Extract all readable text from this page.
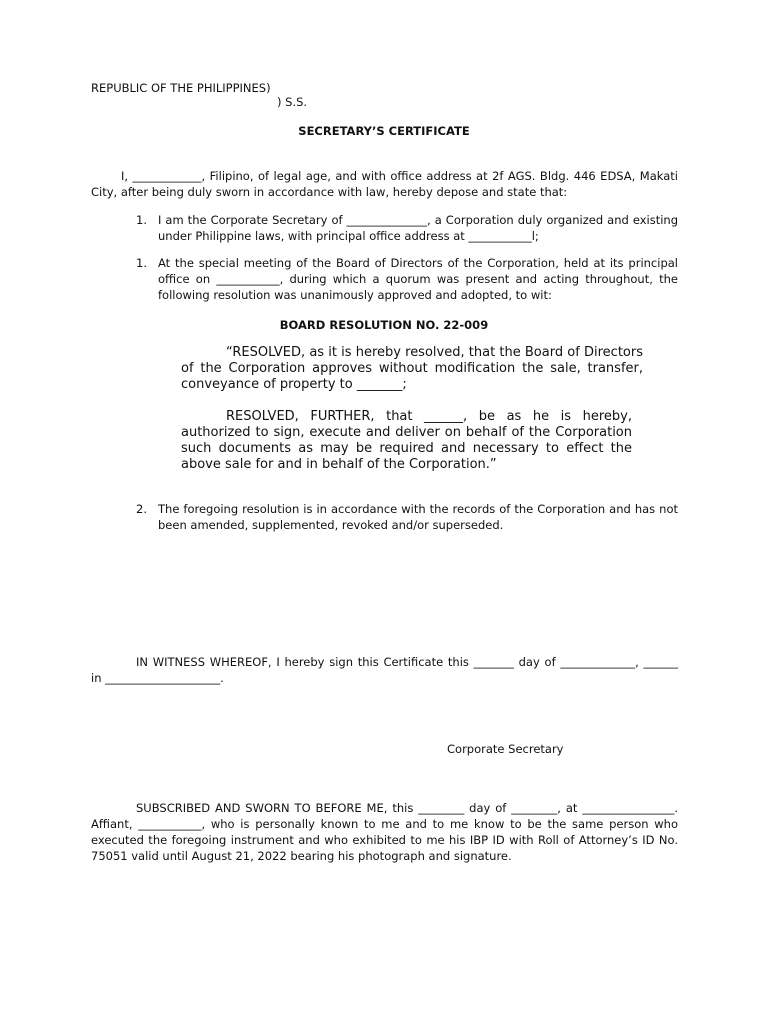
REPUBLIC OF THE PHILIPPINES)
) S.S.
SECRETARY’S CERTIFICATE
I, ____________, Filipino, of legal age, and with office address at 2f AGS. Bldg. 446 EDSA, Makati City, after being duly sworn in accordance with law, hereby depose and state that:
1. I am the Corporate Secretary of ______________, a Corporation duly organized and existing under Philippine laws, with principal office address at ___________l;
1. At the special meeting of the Board of Directors of the Corporation, held at its principal office on ___________, during which a quorum was present and acting throughout, the following resolution was unanimously approved and adopted, to wit:
BOARD RESOLUTION NO. 22-009
“RESOLVED, as it is hereby resolved, that the Board of Directors of the Corporation approves without modification the sale, transfer, conveyance of property to _______;
RESOLVED, FURTHER, that ______, be as he is hereby, authorized to sign, execute and deliver on behalf of the Corporation such documents as may be required and necessary to effect the above sale for and in behalf of the Corporation.”
2. The foregoing resolution is in accordance with the records of the Corporation and has not been amended, supplemented, revoked and/or superseded.
IN WITNESS WHEREOF, I hereby sign this Certificate this _______ day of _____________, ______ in ____________________.
Corporate Secretary
SUBSCRIBED AND SWORN TO BEFORE ME, this ________ day of ________, at ________________. Affiant, ___________, who is personally known to me and to me know to be the same person who executed the foregoing instrument and who exhibited to me his IBP ID with Roll of Attorney’s ID No. 75051 valid until August 21, 2022 bearing his photograph and signature.
